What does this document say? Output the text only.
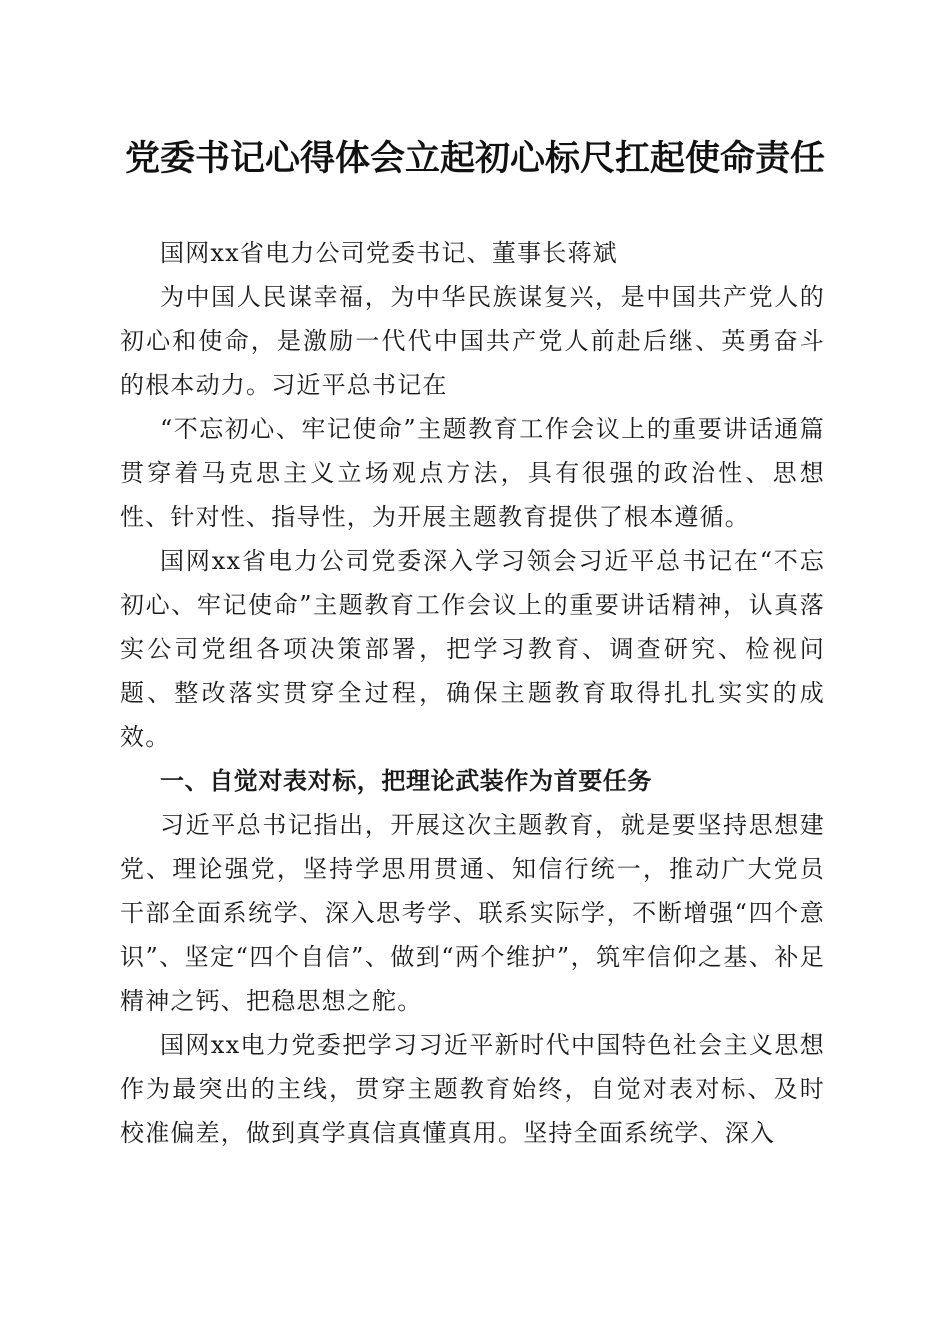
党委书记心得体会立起初心标尺扛起使命责任

国网xx省电力公司党委书记、董事长蒋斌

为中国人民谋幸福，为中华民族谋复兴，是中国共产党人的初心和使命，是激励一代代中国共产党人前赴后继、英勇奋斗的根本动力。习近平总书记在

“不忘初心、牢记使命”主题教育工作会议上的重要讲话通篇贯穿着马克思主义立场观点方法，具有很强的政治性、思想性、针对性、指导性，为开展主题教育提供了根本遵循。

国网xx省电力公司党委深入学习领会习近平总书记在“不忘初心、牢记使命”主题教育工作会议上的重要讲话精神，认真落实公司党组各项决策部署，把学习教育、调查研究、检视问题、整改落实贯穿全过程，确保主题教育取得扎扎实实的成效。

一、自觉对表对标，把理论武装作为首要任务

习近平总书记指出，开展这次主题教育，就是要坚持思想建党、理论强党，坚持学思用贯通、知信行统一，推动广大党员干部全面系统学、深入思考学、联系实际学，不断增强“四个意识”、坚定“四个自信”、做到“两个维护”，筑牢信仰之基、补足精神之钙、把稳思想之舵。

国网xx电力党委把学习习近平新时代中国特色社会主义思想作为最突出的主线，贯穿主题教育始终，自觉对表对标、及时校准偏差，做到真学真信真懂真用。坚持全面系统学、深入
